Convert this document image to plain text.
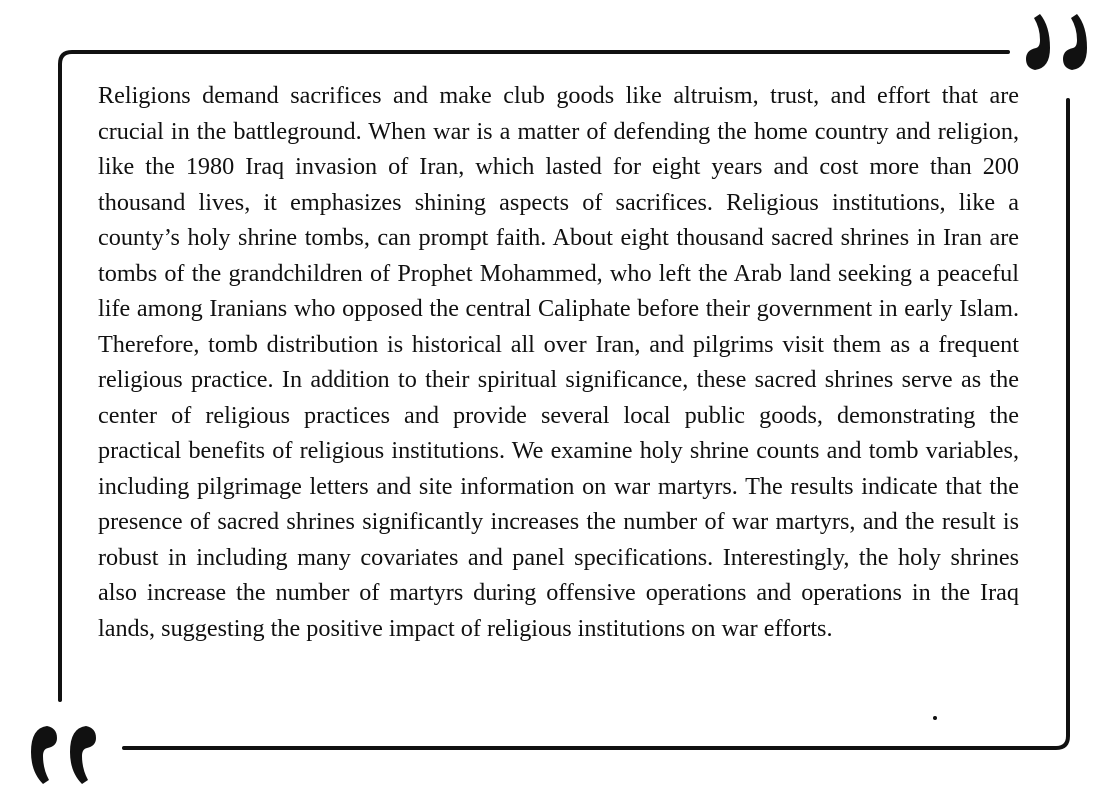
Religions demand sacrifices and make club goods like altruism, trust, and effort that are crucial in the battleground. When war is a matter of defending the home country and religion, like the 1980 Iraq invasion of Iran, which lasted for eight years and cost more than 200 thousand lives, it emphasizes shining aspects of sacrifices. Religious institutions, like a county’s holy shrine tombs, can prompt faith. About eight thousand sacred shrines in Iran are tombs of the grandchildren of Prophet Mohammed, who left the Arab land seeking a peaceful life among Iranians who opposed the central Caliphate before their government in early Islam. Therefore, tomb distribution is historical all over Iran, and pilgrims visit them as a frequent religious practice. In addition to their spiritual significance, these sacred shrines serve as the center of religious practices and provide several local public goods, demonstrating the practical benefits of religious institutions. We examine holy shrine counts and tomb variables, including pilgrimage letters and site information on war martyrs. The results indicate that the presence of sacred shrines significantly increases the number of war martyrs, and the result is robust in including many covariates and panel specifications. Interestingly, the holy shrines also increase the number of martyrs during offensive operations and operations in the Iraq lands, suggesting the positive impact of religious institutions on war efforts.
